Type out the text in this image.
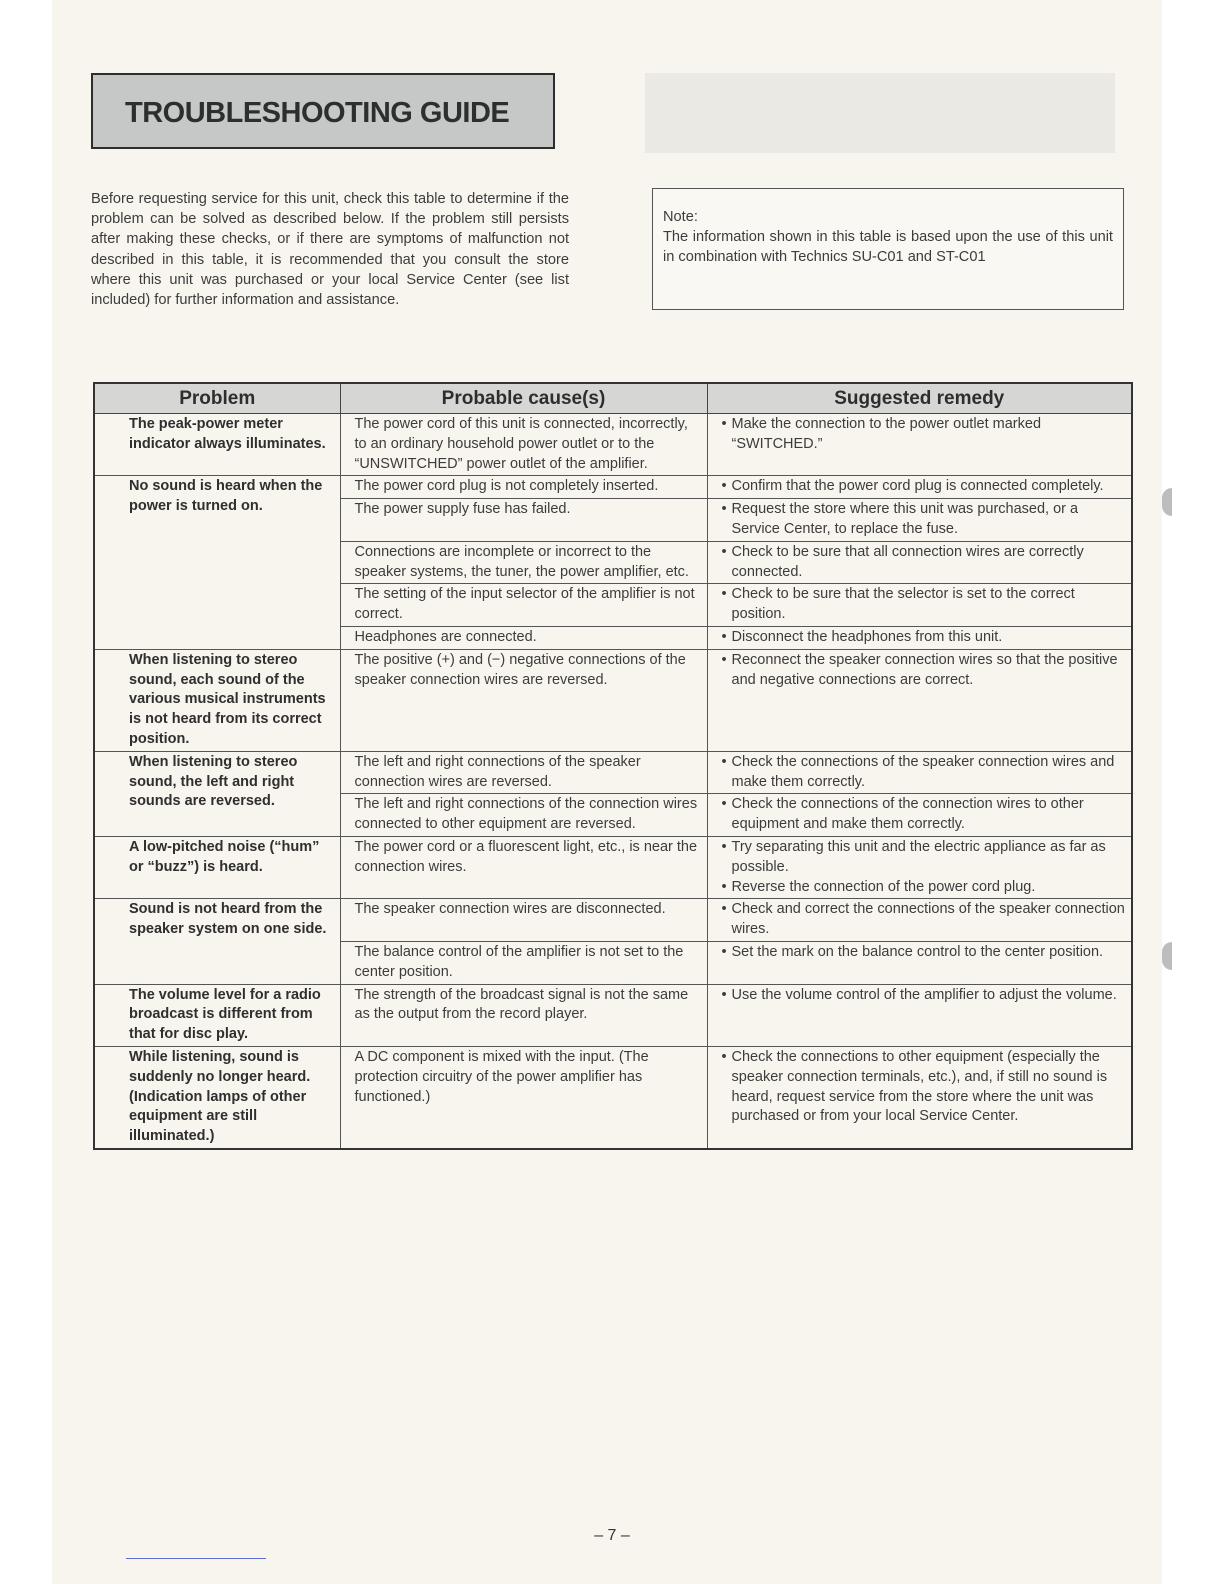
TROUBLESHOOTING GUIDE

Before requesting service for this unit, check this table to determine if the problem can be solved as described below. If the problem still persists after making these checks, or if there are symptoms of malfunction not described in this table, it is recommended that you consult the store where this unit was purchased or your local Service Center (see list included) for further information and assistance.

Note:

The information shown in this table is based upon the use of this unit in combination with Technics SU-C01 and ST-C01

Problem	Probable cause(s)	Suggested remedy
The peak-power meter indicator always illuminates.	The power cord of this unit is connected, incorrectly, to an ordinary household power outlet or to the “UNSWITCHED” power outlet of the amplifier.	• Make the connection to the power outlet marked “SWITCHED.”

No sound is heard when the power is turned on.	The power cord plug is not completely inserted.	• Confirm that the power cord plug is connected completely.

	The power supply fuse has failed.	• Request the store where this unit was purchased, or a Service Center, to replace the fuse.

	Connections are incomplete or incorrect to the speaker systems, the tuner, the power amplifier, etc.	• Check to be sure that all connection wires are correctly connected.

	The setting of the input selector of the amplifier is not correct.	• Check to be sure that the selector is set to the correct position.

	Headphones are connected.	• Disconnect the headphones from this unit.

When listening to stereo sound, each sound of the various musical instruments is not heard from its correct position.	The positive (+) and (−) negative connections of the speaker connection wires are reversed.	• Reconnect the speaker connection wires so that the positive and negative connections are correct.

When listening to stereo sound, the left and right sounds are reversed.	The left and right connections of the speaker connection wires are reversed.	• Check the connections of the speaker connection wires and make them correctly.

	The left and right connections of the connection wires connected to other equipment are reversed.	• Check the connections of the connection wires to other equipment and make them correctly.

A low-pitched noise (“hum” or “buzz”) is heard.	The power cord or a fluorescent light, etc., is near the connection wires.	• Try separating this unit and the electric appliance as far as possible.
• Reverse the connection of the power cord plug.

Sound is not heard from the speaker system on one side.	The speaker connection wires are disconnected.	• Check and correct the connections of the speaker connection wires.

	The balance control of the amplifier is not set to the center position.	• Set the mark on the balance control to the center position.

The volume level for a radio broadcast is different from that for disc play.	The strength of the broadcast signal is not the same as the output from the record player.	• Use the volume control of the amplifier to adjust the volume.

While listening, sound is suddenly no longer heard. (Indication lamps of other equipment are still illuminated.)	A DC component is mixed with the input. (The protection circuitry of the power amplifier has functioned.)	• Check the connections to other equipment (especially the speaker connection terminals, etc.), and, if still no sound is heard, request service from the store where the unit was purchased or from your local Service Center.
– 7 –
